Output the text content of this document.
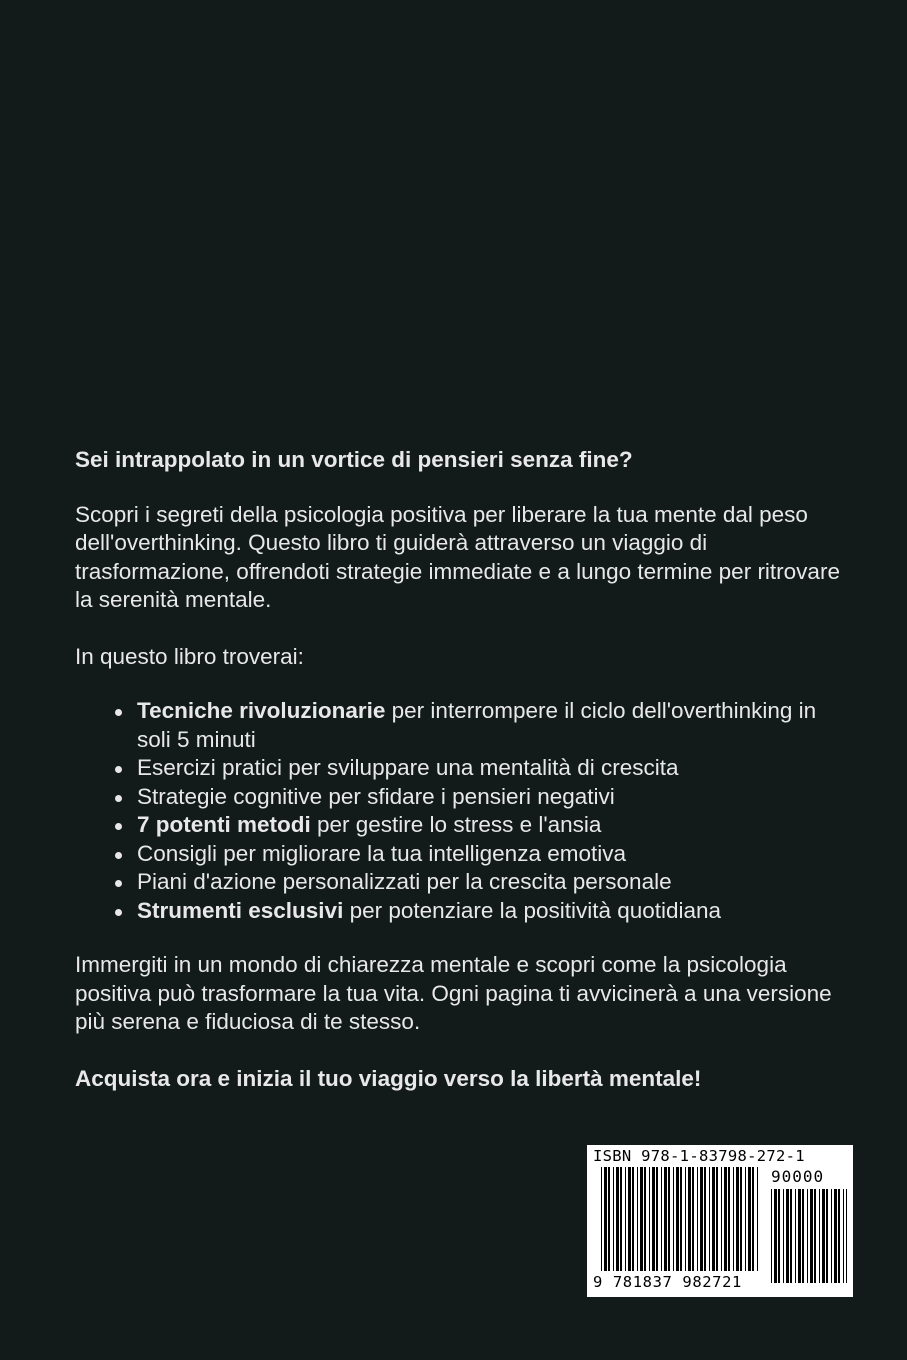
Sei intrappolato in un vortice di pensieri senza fine?
Scopri i segreti della psicologia positiva per liberare la tua mente dal peso dell'overthinking. Questo libro ti guiderà attraverso un viaggio di trasformazione, offrendoti strategie immediate e a lungo termine per ritrovare la serenità mentale.
In questo libro troverai:
Tecniche rivoluzionarie per interrompere il ciclo dell'overthinking in soli 5 minuti
Esercizi pratici per sviluppare una mentalità di crescita
Strategie cognitive per sfidare i pensieri negativi
7 potenti metodi per gestire lo stress e l'ansia
Consigli per migliorare la tua intelligenza emotiva
Piani d'azione personalizzati per la crescita personale
Strumenti esclusivi per potenziare la positività quotidiana
Immergiti in un mondo di chiarezza mentale e scopri come la psicologia positiva può trasformare la tua vita. Ogni pagina ti avvicinerà a una versione più serena e fiduciosa di te stesso.
Acquista ora e inizia il tuo viaggio verso la libertà mentale!
ISBN 978-1-83798-272-1
90000
9 781837 982721
